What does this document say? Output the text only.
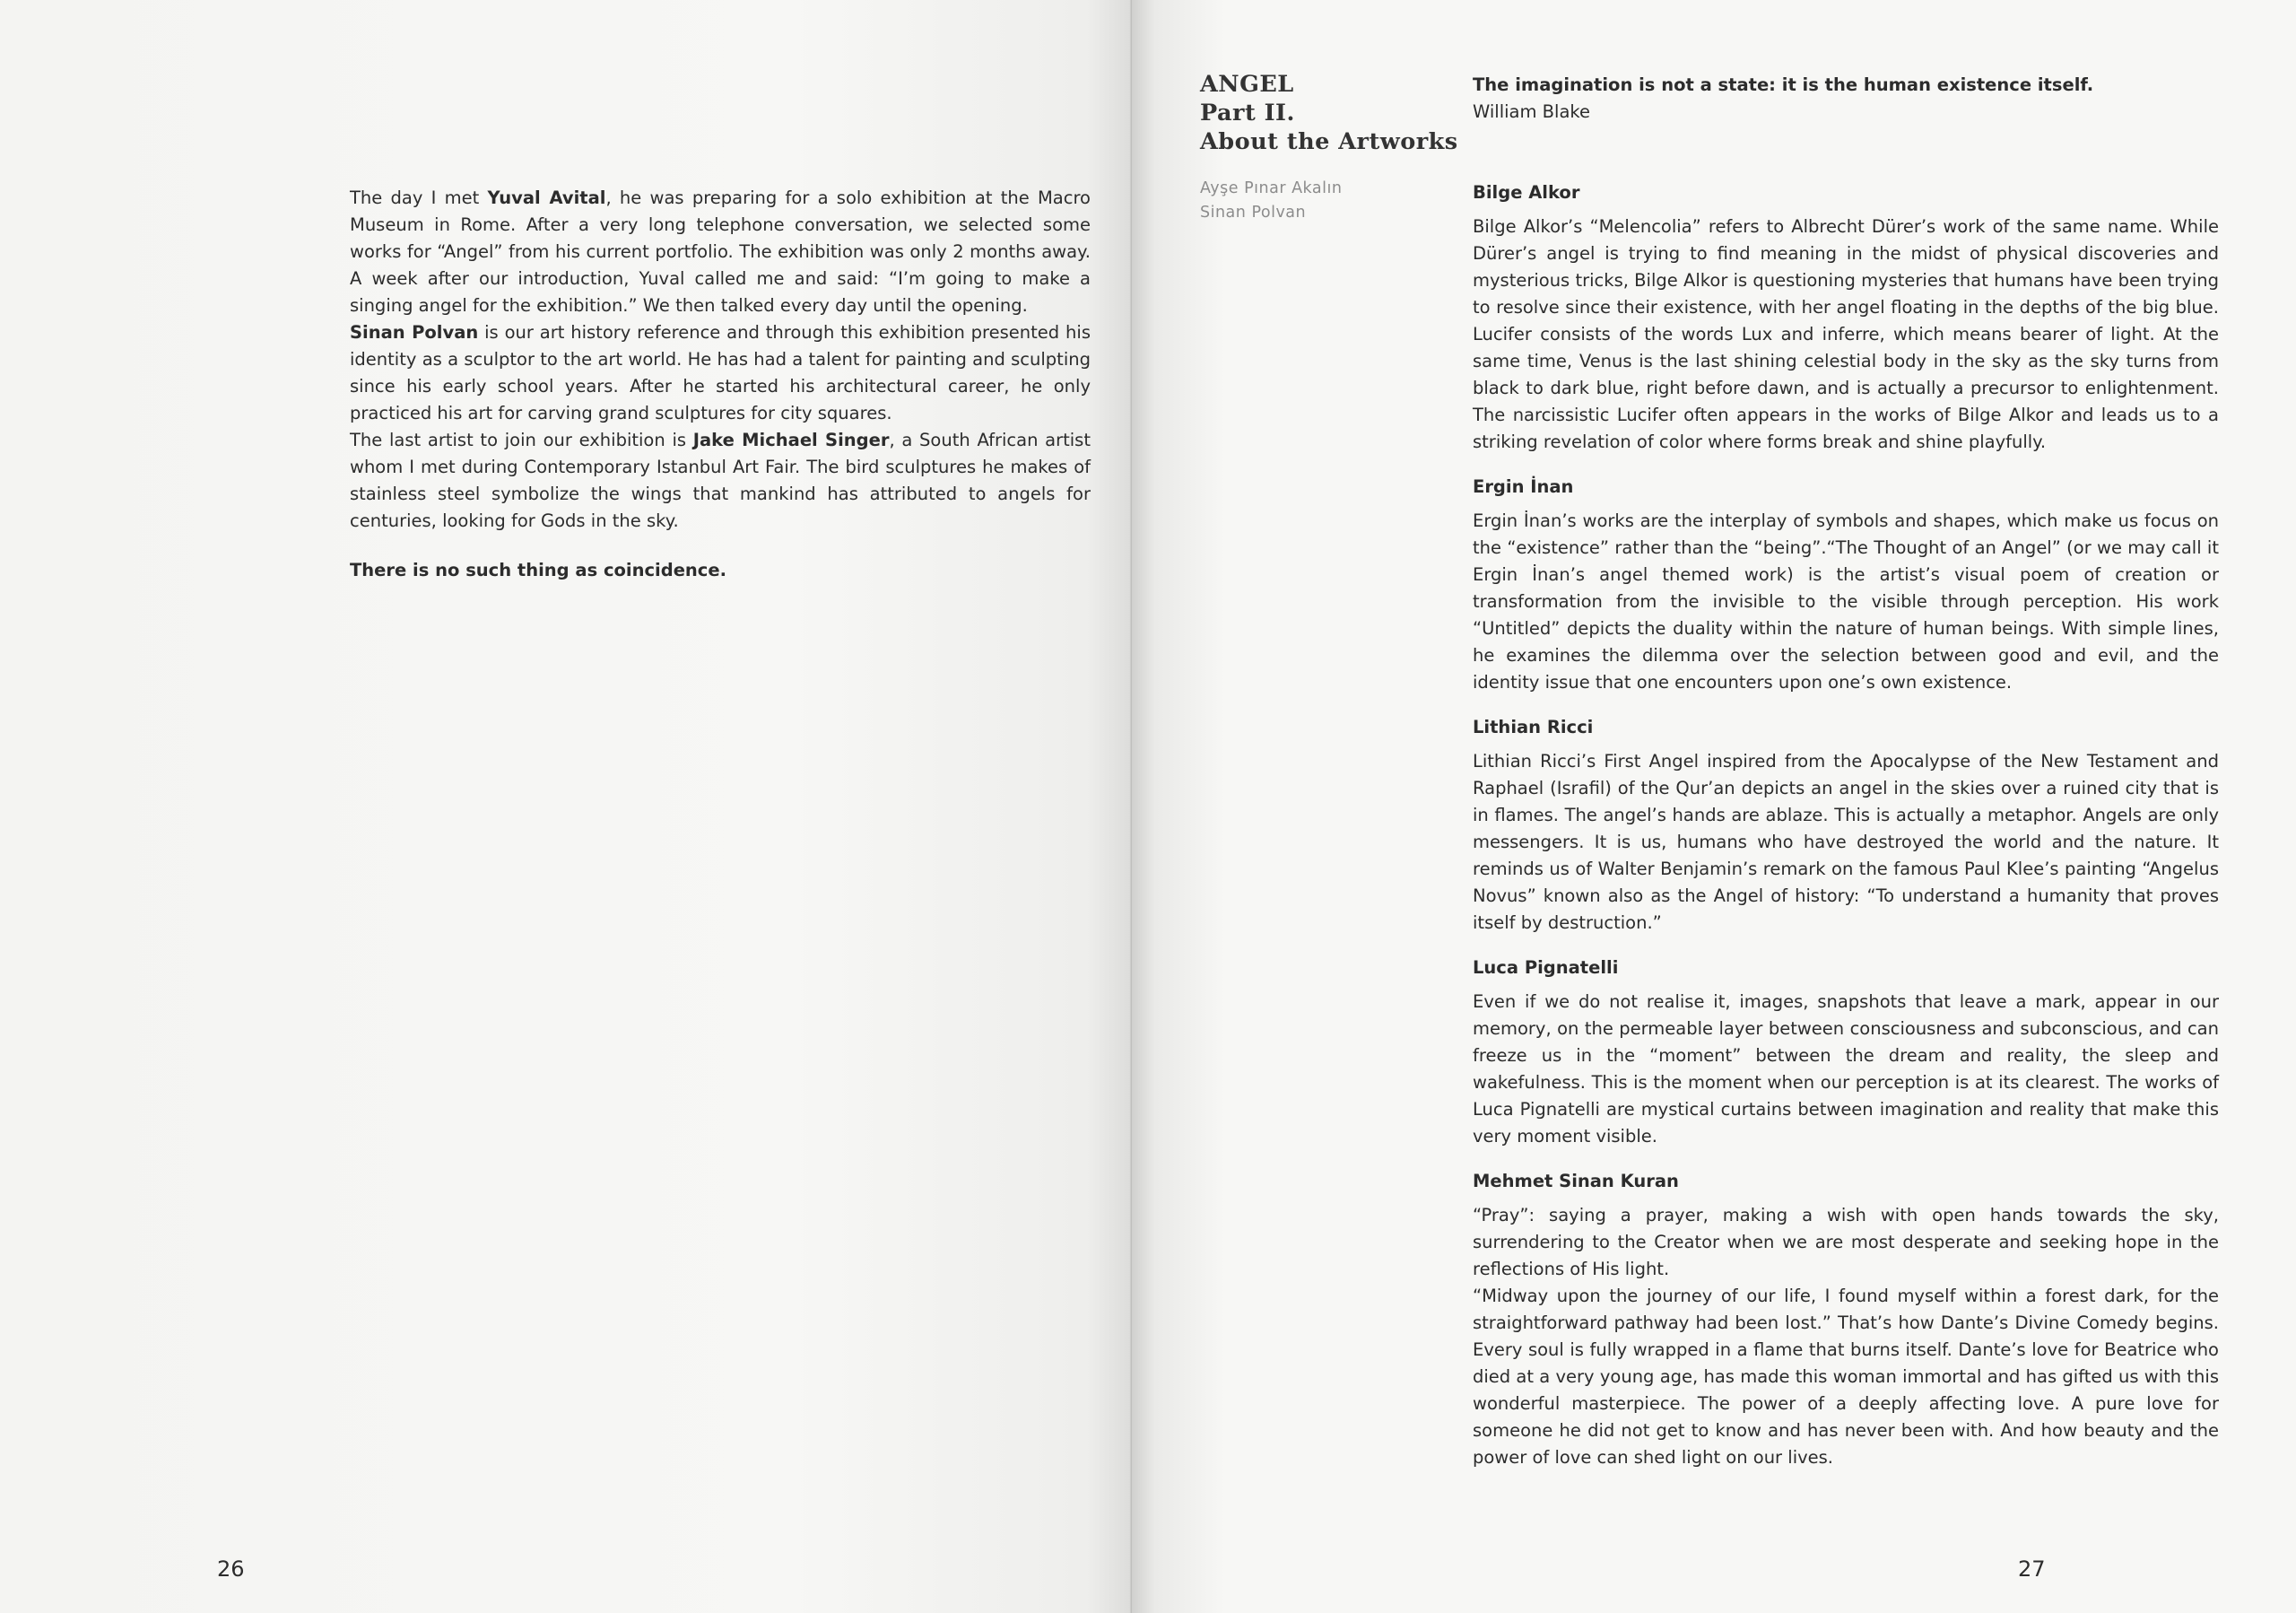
The day I met Yuval Avital, he was preparing for a solo exhibition at the Macro Museum in Rome. After a very long telephone conversation, we selected some works for “Angel” from his current portfolio. The exhibition was only 2 months away. A week after our introduction, Yuval called me and said: “I’m going to make a singing angel for the exhibition.” We then talked every day until the opening.

Sinan Polvan is our art history reference and through this exhibition presented his identity as a sculptor to the art world. He has had a talent for painting and sculpting since his early school years. After he started his architectural career, he only practiced his art for carving grand sculptures for city squares.

The last artist to join our exhibition is Jake Michael Singer, a South African artist whom I met during Contemporary Istanbul Art Fair. The bird sculptures he makes of stainless steel symbolize the wings that mankind has attributed to angels for centuries, looking for Gods in the sky.

There is no such thing as coincidence.
26
ANGEL
Part II.
About the Artworks
Ayşe Pınar Akalın
Sinan Polvan
The imagination is not a state: it is the human existence itself.
William Blake
Bilge Alkor

Bilge Alkor’s “Melencolia” refers to Albrecht Dürer’s work of the same name. While Dürer’s angel is trying to find meaning in the midst of physical discoveries and mysterious tricks, Bilge Alkor is questioning mysteries that humans have been trying to resolve since their existence, with her angel floating in the depths of the big blue. Lucifer consists of the words Lux and inferre, which means bearer of light. At the same time, Venus is the last shining celestial body in the sky as the sky turns from black to dark blue, right before dawn, and is actually a precursor to enlightenment. The narcissistic Lucifer often appears in the works of Bilge Alkor and leads us to a striking revelation of color where forms break and shine playfully.

Ergin İnan

Ergin İnan’s works are the interplay of symbols and shapes, which make us focus on the “existence” rather than the “being”.“The Thought of an Angel” (or we may call it Ergin İnan’s angel themed work) is the artist’s visual poem of creation or transformation from the invisible to the visible through perception. His work “Untitled” depicts the duality within the nature of human beings. With simple lines, he examines the dilemma over the selection between good and evil, and the identity issue that one encounters upon one’s own existence.

Lithian Ricci

Lithian Ricci’s First Angel inspired from the Apocalypse of the New Testament and Raphael (Israfil) of the Qur’an depicts an angel in the skies over a ruined city that is in flames. The angel’s hands are ablaze. This is actually a metaphor. Angels are only messengers. It is us, humans who have destroyed the world and the nature. It reminds us of Walter Benjamin’s remark on the famous Paul Klee’s painting “Angelus Novus” known also as the Angel of history: “To understand a humanity that proves itself by destruction.”

Luca Pignatelli

Even if we do not realise it, images, snapshots that leave a mark, appear in our memory, on the permeable layer between consciousness and subconscious, and can freeze us in the “moment” between the dream and reality, the sleep and wakefulness. This is the moment when our perception is at its clearest. The works of Luca Pignatelli are mystical curtains between imagination and reality that make this very moment visible.

Mehmet Sinan Kuran

“Pray”: saying a prayer, making a wish with open hands towards the sky, surrendering to the Creator when we are most desperate and seeking hope in the reflections of His light.

“Midway upon the journey of our life, I found myself within a forest dark, for the straightforward pathway had been lost.” That’s how Dante’s Divine Comedy begins. Every soul is fully wrapped in a flame that burns itself. Dante’s love for Beatrice who died at a very young age, has made this woman immortal and has gifted us with this wonderful masterpiece. The power of a deeply affecting love. A pure love for someone he did not get to know and has never been with. And how beauty and the power of love can shed light on our lives.

27
